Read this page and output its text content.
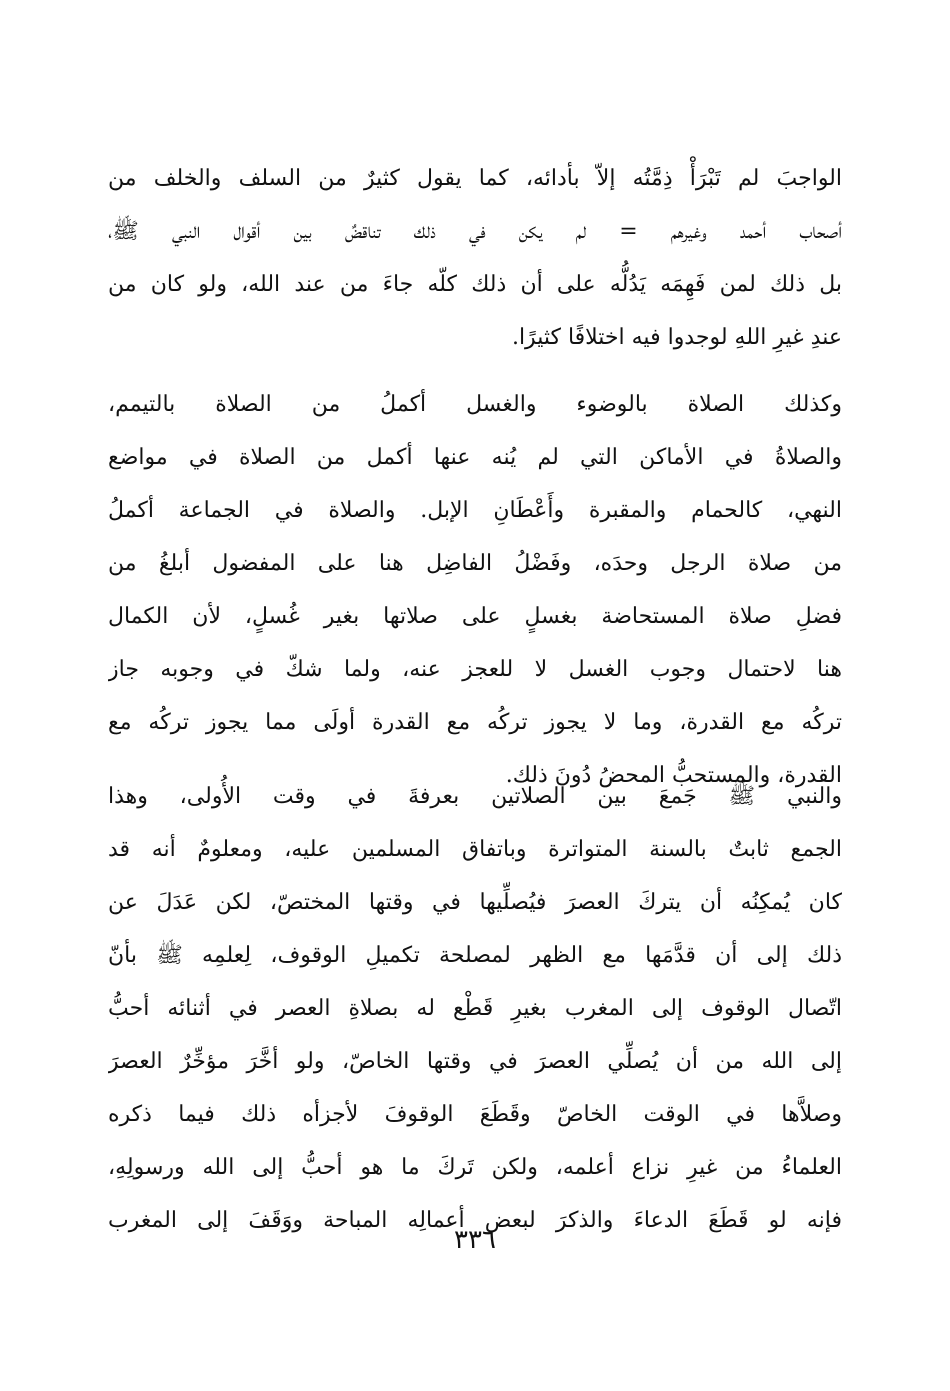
الواجبَ لم تَبْرَأْ ذِمَّتُه إلاّ بأدائه، كما يقول كثيرٌ من السلف والخلف من
أصحاب أحمد وغيرهم = لم يكن في ذلك تناقضٌ بين أقوال النبي ﷺ،
بل ذلك لمن فَهِمَه يَدُلُّه على أن ذلك كلّه جاءَ من عند الله، ولو كان من
عندِ غيرِ اللهِ لوجدوا فيه اختلافًا كثيرًا.
وكذلك الصلاة بالوضوء والغسل أكملُ من الصلاة بالتيمم،
والصلاةُ في الأماكن التي لم يُنه عنها أكمل من الصلاة في مواضع
النهي، كالحمام والمقبرة وأَعْطَانِ الإبل. والصلاة في الجماعة أكملُ
من صلاة الرجل وحدَه، وفَضْلُ الفاضِل هنا على المفضول أبلغُ من
فضلِ صلاة المستحاضة بغسلٍ على صلاتها بغير غُسلٍ، لأن الكمال
هنا لاحتمال وجوب الغسل لا للعجز عنه، ولما شكّ في وجوبه جاز
تركُه مع القدرة، وما لا يجوز تركُه مع القدرة أولَى مما يجوز تركُه مع
القدرة، والمستحبُّ المحضُ دُونَ ذلك.
والنبي ﷺ جَمعَ بين الصلاتين بعرفةَ في وقت الأُولى، وهذا
الجمع ثابتٌ بالسنة المتواترة وباتفاق المسلمين عليه، ومعلومٌ أنه قد
كان يُمكِنُه أن يتركَ العصرَ فيُصلِّيها في وقتها المختصّ، لكن عَدَلَ عن
ذلك إلى أن قدَّمَها مع الظهر لمصلحة تكميلِ الوقوف، لِعلمِه ﷺ بأنّ
اتّصال الوقوف إلى المغرب بغيرِ قَطْع له بصلاةِ العصر في أثنائه أحبُّ
إلى الله من أن يُصلِّي العصرَ في وقتها الخاصّ، ولو أخَّرَ مؤخِّرٌ العصرَ
وصلاَّها في الوقت الخاصّ وقَطَعَ الوقوفَ لأجزأه ذلك فيما ذكره
العلماءُ من غيرِ نزاع أعلمه، ولكن تَركَ ما هو أحبُّ إلى الله ورسولِهِ،
فإنه لو قَطَعَ الدعاءَ والذكرَ لبعض أعمالِه المباحة ووَقَفَ إلى المغرب
٣٣٦
